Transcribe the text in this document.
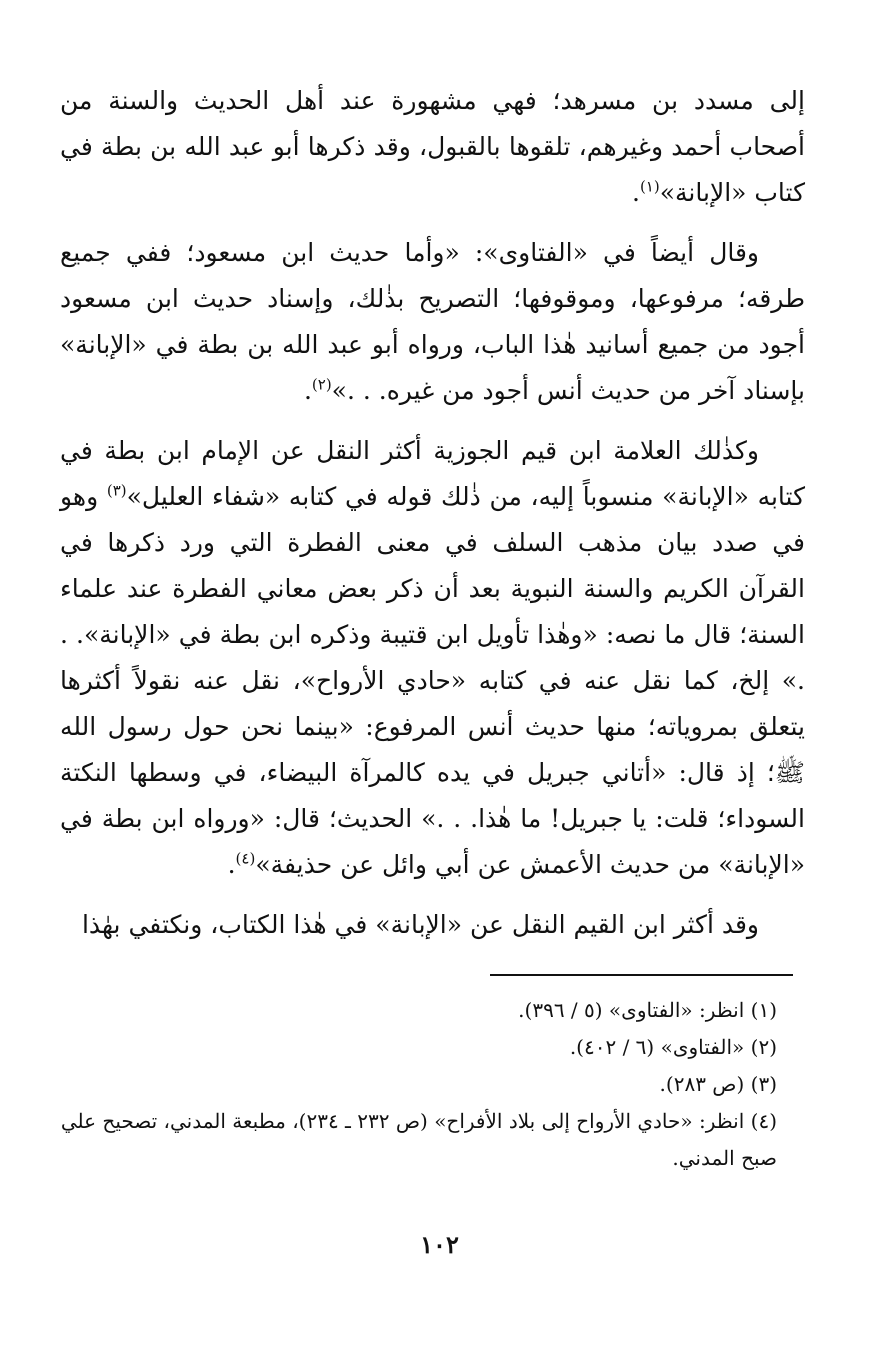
إلى مسدد بن مسرهد؛ فهي مشهورة عند أهل الحديث والسنة من أصحاب أحمد وغيرهم، تلقوها بالقبول، وقد ذكرها أبو عبد الله بن بطة في كتاب «الإبانة»$^{(١)}$.

وقال أيضاً في «الفتاوى»: «وأما حديث ابن مسعود؛ ففي جميع طرقه؛ مرفوعها، وموقوفها؛ التصريح بذٰلك، وإسناد حديث ابن مسعود أجود من جميع أسانيد هٰذا الباب، ورواه أبو عبد الله بن بطة في «الإبانة» بإسناد آخر من حديث أنس أجود من غيره. . .»$^{(٢)}$.

وكذٰلك العلامة ابن قيم الجوزية أكثر النقل عن الإمام ابن بطة في كتابه «الإبانة» منسوباً إليه، من ذٰلك قوله في كتابه «شفاء العليل»$^{(٣)}$ وهو في صدد بيان مذهب السلف في معنى الفطرة التي ورد ذكرها في القرآن الكريم والسنة النبوية بعد أن ذكر بعض معاني الفطرة عند علماء السنة؛ قال ما نصه: «وهٰذا تأويل ابن قتيبة وذكره ابن بطة في «الإبانة». . .» إلخ، كما نقل عنه في كتابه «حادي الأرواح»، نقل عنه نقولاً أكثرها يتعلق بمروياته؛ منها حديث أنس المرفوع: «بينما نحن حول رسول الله ﷺ؛ إذ قال: «أتاني جبريل في يده كالمرآة البيضاء، في وسطها النكتة السوداء؛ قلت: يا جبريل! ما هٰذا. . .» الحديث؛ قال: «ورواه ابن بطة في «الإبانة» من حديث الأعمش عن أبي وائل عن حذيفة»$^{(٤)}$.

وقد أكثر ابن القيم النقل عن «الإبانة» في هٰذا الكتاب، ونكتفي بهٰذا

(١) انظر: «الفتاوى» (٥ / ٣٩٦).

(٢) «الفتاوى» (٦ / ٤٠٢).

(٣) (ص ٢٨٣).

(٤) انظر: «حادي الأرواح إلى بلاد الأفراح» (ص ٢٣٢ ـ ٢٣٤)، مطبعة المدني، تصحيح علي صبح المدني.

١٠٢
